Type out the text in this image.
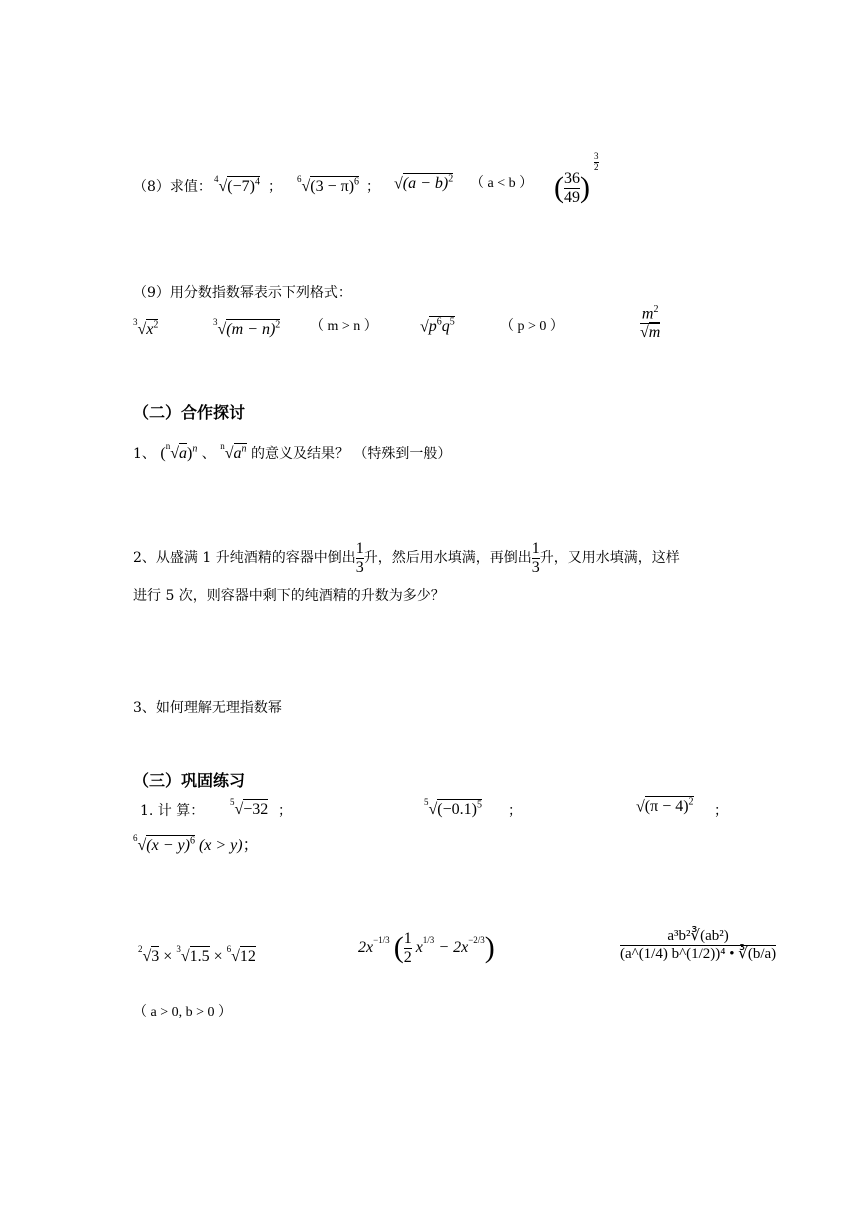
（8）求值： $^4√(-7)^4$ ； $^6√(3 - \pi)^6$ ； $√(a - b)^2$ （ a < b ） ( $\frac{36}{49}$ )
$\frac{3}{2}$
（9）用分数指数幂表示下列格式：
$^3√x^2$	$^3√(m - n)^2$ （ m > n ）	$√p^6q^5$	（ p > 0 ）	$\frac{m^2}{√m}$
（二）合作探讨
1、 $(^n√a)^n$ 、 $^n√a^n$ 的意义及结果？ （特殊到一般）
2、从盛满 1 升纯酒精的容器中倒出 $\frac{1}{3}$ 升，然后用水填满，再倒出 $\frac{1}{3}$ 升，又用水填满，这样
进行 5 次，则容器中剩下的纯酒精的升数为多少？
3、如何理解无理指数幂
（三）巩固练习
1. 计 算：
$^5$√−32 ；
$^5√(-0.1)^5$ ；	$√(\pi - 4)^2$
；
$^6√(x - y)^6$ (x > y)；
$^2$√3 × $^3$√1.5 × $^6$√12
$2x^{-1/3}$ ( $\frac{1}{2} x^{1/3} - 2x^{-2/3}$)	$\frac{\text{a³b²∛(ab²)}}{\text{(a\textasciicircum{}(1/4) b\textasciicircum{}(1/2))⁴ • ∛(b/a)}}$
（ a > 0, b > 0 ）
